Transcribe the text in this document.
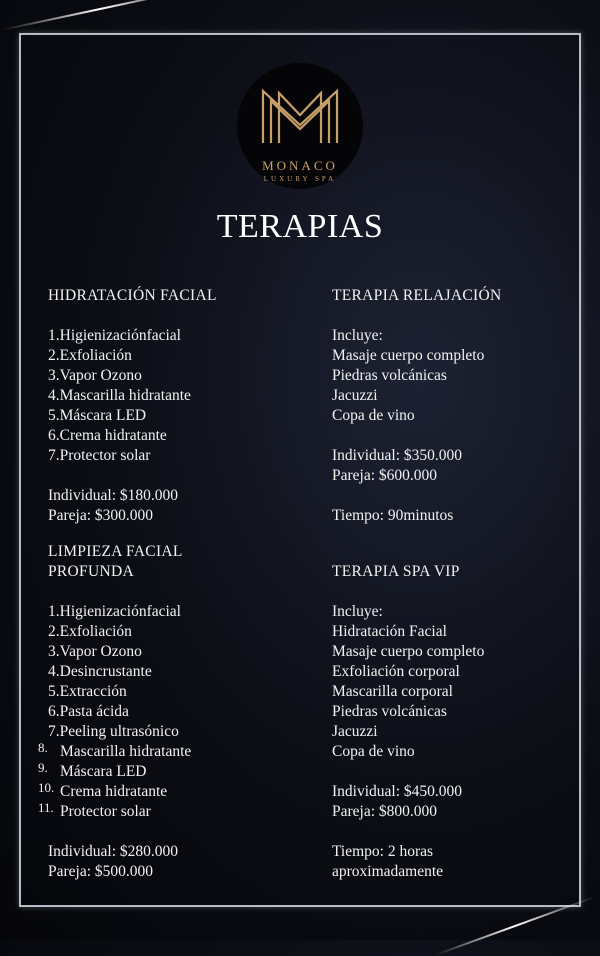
MONACO
LUXURY SPA
TERAPIAS
HIDRATACIÓN FACIAL
1.Higienizaciónfacial
2.Exfoliación
3.Vapor Ozono
4.Mascarilla hidratante
5.Máscara LED
6.Crema hidratante
7.Protector solar

Individual: $180.000

Pareja: $300.000

LIMPIEZA FACIAL
PROFUNDA
1.Higienizaciónfacial
2.Exfoliación
3.Vapor Ozono
4.Desincrustante
5.Extracción
6.Pasta ácida
7.Peeling ultrasónico
8. Mascarilla hidratante
9. Máscara LED
10. Crema hidratante
11. Protector solar

Individual: $280.000

Pareja: $500.000

TERAPIA RELAJACIÓN

Incluye:

Masaje cuerpo completo

Piedras volcánicas

Jacuzzi

Copa de vino

Individual: $350.000

Pareja: $600.000

Tiempo: 90minutos

TERAPIA SPA VIP

Incluye:

Hidratación Facial

Masaje cuerpo completo

Exfoliación corporal

Mascarilla corporal

Piedras volcánicas

Jacuzzi

Copa de vino

Individual: $450.000

Pareja: $800.000

Tiempo: 2 horas

aproximadamente
